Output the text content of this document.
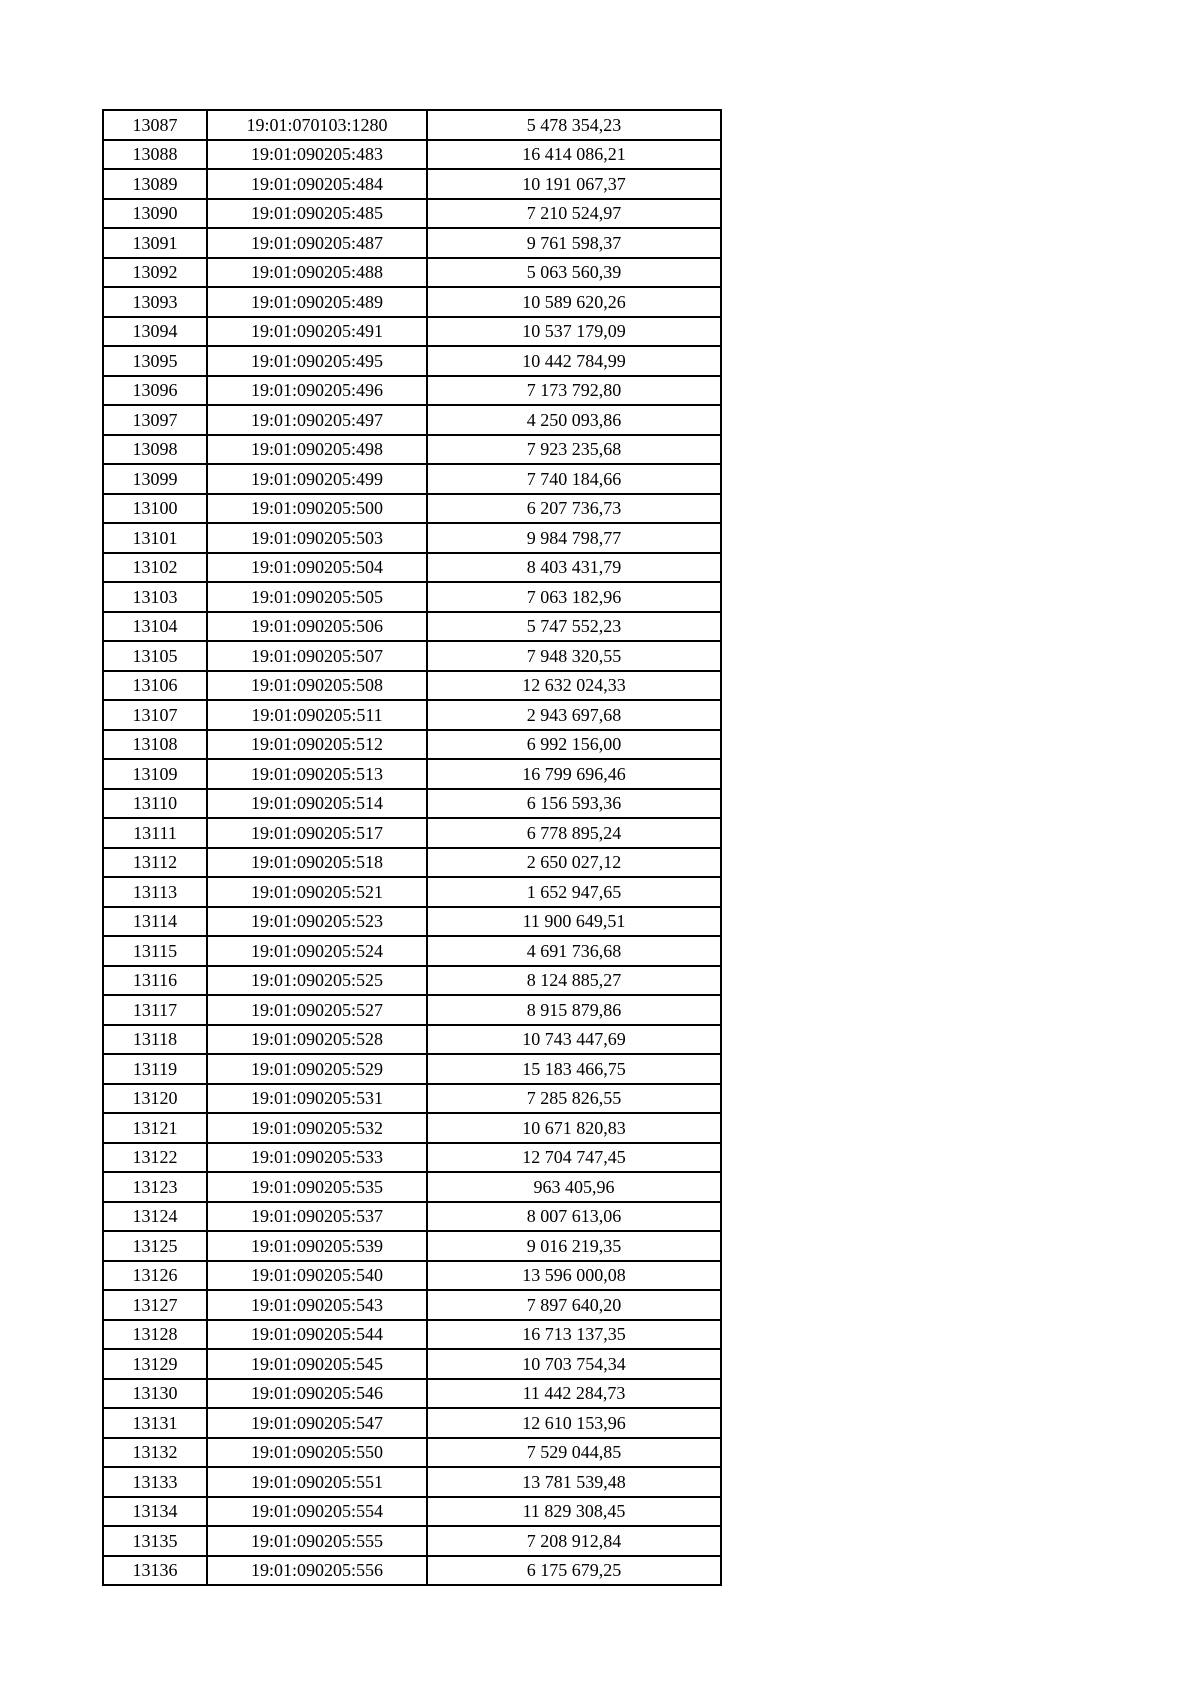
13087	19:01:070103:1280	5 478 354,23
13088	19:01:090205:483	16 414 086,21
13089	19:01:090205:484	10 191 067,37
13090	19:01:090205:485	7 210 524,97
13091	19:01:090205:487	9 761 598,37
13092	19:01:090205:488	5 063 560,39
13093	19:01:090205:489	10 589 620,26
13094	19:01:090205:491	10 537 179,09
13095	19:01:090205:495	10 442 784,99
13096	19:01:090205:496	7 173 792,80
13097	19:01:090205:497	4 250 093,86
13098	19:01:090205:498	7 923 235,68
13099	19:01:090205:499	7 740 184,66
13100	19:01:090205:500	6 207 736,73
13101	19:01:090205:503	9 984 798,77
13102	19:01:090205:504	8 403 431,79
13103	19:01:090205:505	7 063 182,96
13104	19:01:090205:506	5 747 552,23
13105	19:01:090205:507	7 948 320,55
13106	19:01:090205:508	12 632 024,33
13107	19:01:090205:511	2 943 697,68
13108	19:01:090205:512	6 992 156,00
13109	19:01:090205:513	16 799 696,46
13110	19:01:090205:514	6 156 593,36
13111	19:01:090205:517	6 778 895,24
13112	19:01:090205:518	2 650 027,12
13113	19:01:090205:521	1 652 947,65
13114	19:01:090205:523	11 900 649,51
13115	19:01:090205:524	4 691 736,68
13116	19:01:090205:525	8 124 885,27
13117	19:01:090205:527	8 915 879,86
13118	19:01:090205:528	10 743 447,69
13119	19:01:090205:529	15 183 466,75
13120	19:01:090205:531	7 285 826,55
13121	19:01:090205:532	10 671 820,83
13122	19:01:090205:533	12 704 747,45
13123	19:01:090205:535	963 405,96
13124	19:01:090205:537	8 007 613,06
13125	19:01:090205:539	9 016 219,35
13126	19:01:090205:540	13 596 000,08
13127	19:01:090205:543	7 897 640,20
13128	19:01:090205:544	16 713 137,35
13129	19:01:090205:545	10 703 754,34
13130	19:01:090205:546	11 442 284,73
13131	19:01:090205:547	12 610 153,96
13132	19:01:090205:550	7 529 044,85
13133	19:01:090205:551	13 781 539,48
13134	19:01:090205:554	11 829 308,45
13135	19:01:090205:555	7 208 912,84
13136	19:01:090205:556	6 175 679,25
